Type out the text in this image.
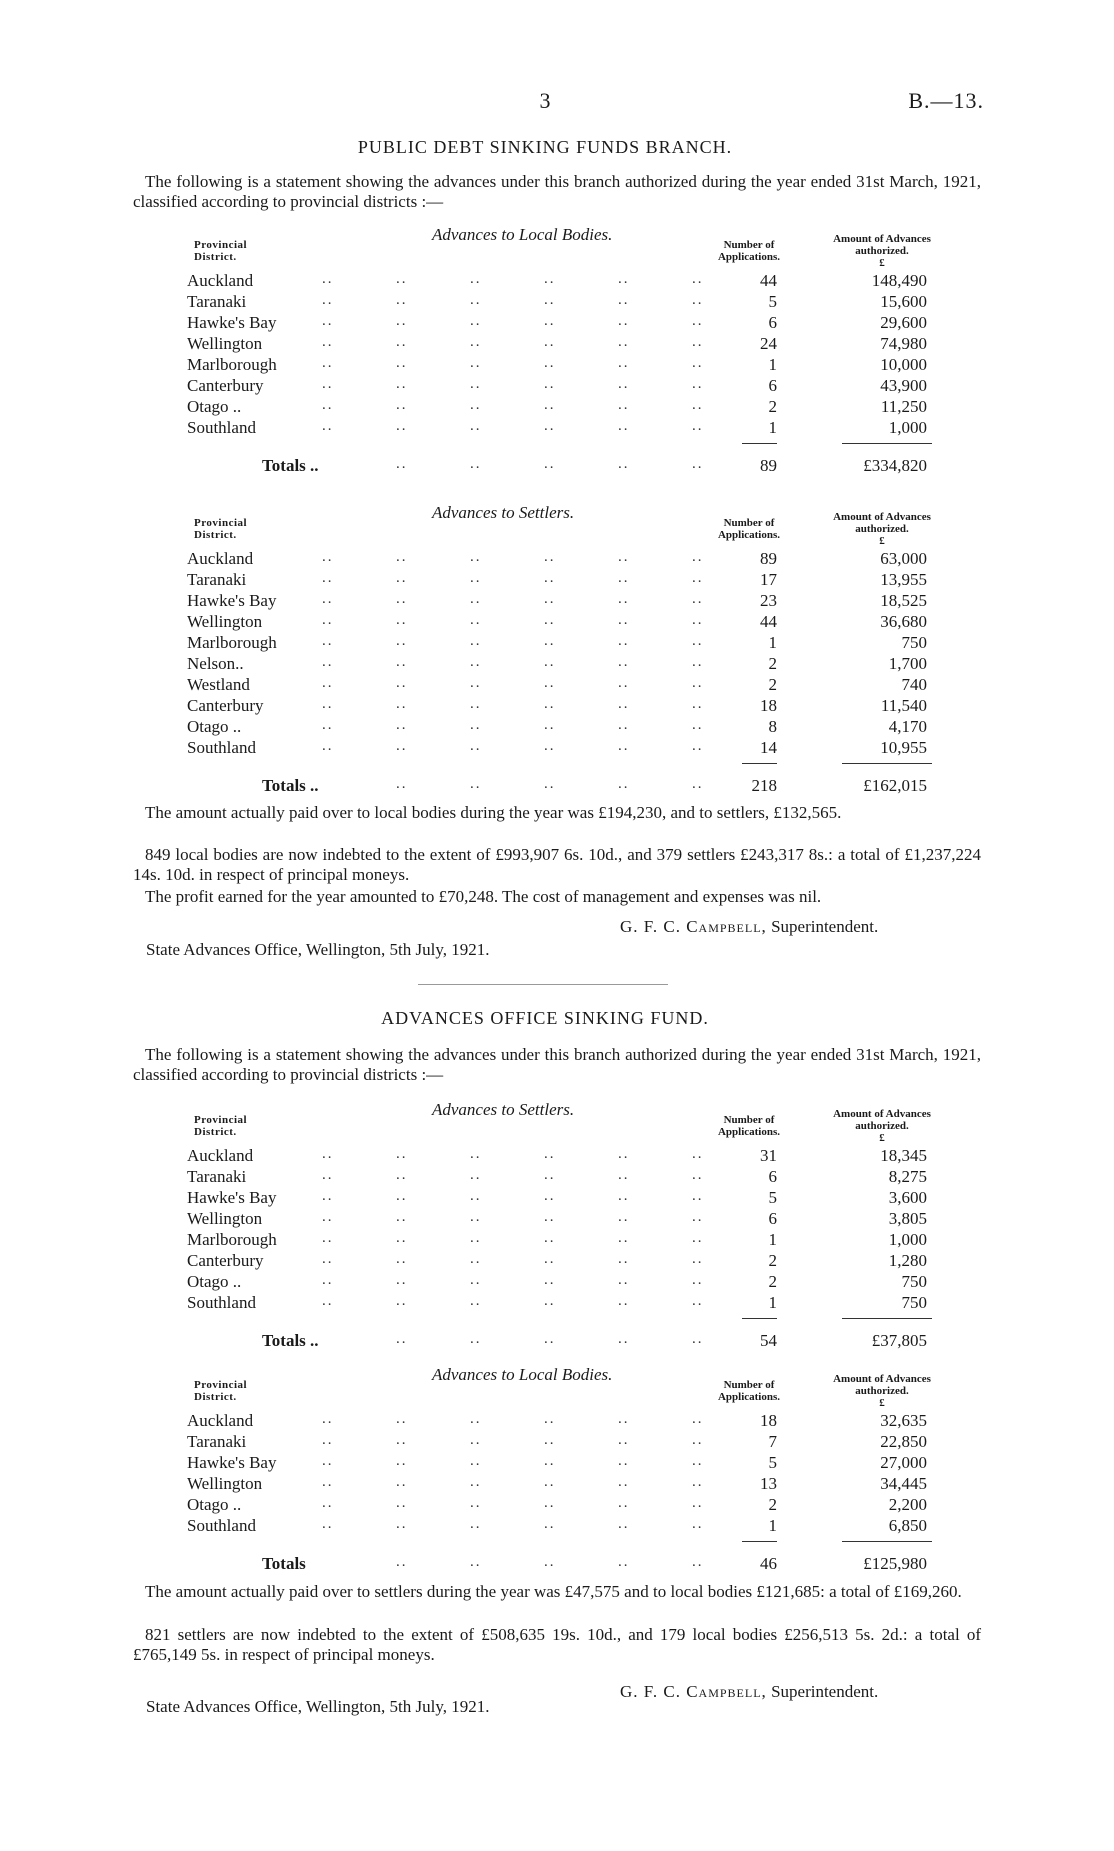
3	B.—13.
PUBLIC DEBT SINKING FUNDS BRANCH.
The following is a statement showing the advances under this branch authorized during the year ended 31st March, 1921, classified according to provincial districts :—
Advances to Local Bodies.
Provincial District.
Number of Applications.
Amount of Advances authorized.
£
Auckland	..	..	..	..	..	..	44	148,490
Taranaki	..	..	..	..	..	..	5	15,600
Hawke's Bay	..	..	..	..	..	..	6	29,600
Wellington	..	..	..	..	..	..	24	74,980
Marlborough	..	..	..	..	..	..	1	10,000
Canterbury	..	..	..	..	..	..	6	43,900
Otago ..	..	..	..	..	..	..	2	11,250
Southland	..	..	..	..	..	..	1	1,000
Totals ..	..	..	..	..	..	89	£334,820
Advances to Settlers.
Provincial District.
Number of Applications.
Amount of Advances authorized.
£
Auckland	..	..	..	..	..	..	89	63,000
Taranaki	..	..	..	..	..	..	17	13,955
Hawke's Bay	..	..	..	..	..	..	23	18,525
Wellington	..	..	..	..	..	..	44	36,680
Marlborough	..	..	..	..	..	..	1	750
Nelson..	..	..	..	..	..	..	2	1,700
Westland	..	..	..	..	..	..	2	740
Canterbury	..	..	..	..	..	..	18	11,540
Otago ..	..	..	..	..	..	..	8	4,170
Southland	..	..	..	..	..	..	14	10,955
Totals ..	..	..	..	..	..	218	£162,015
The amount actually paid over to local bodies during the year was £194,230, and to settlers, £132,565.
849 local bodies are now indebted to the extent of £993,907 6s. 10d., and 379 settlers £243,317 8s.: a total of £1,237,224 14s. 10d. in respect of principal moneys.
The profit earned for the year amounted to £70,248. The cost of management and expenses was nil.
G. F. C. Campbell, Superintendent.
State Advances Office, Wellington, 5th July, 1921.
ADVANCES OFFICE SINKING FUND.
The following is a statement showing the advances under this branch authorized during the year ended 31st March, 1921, classified according to provincial districts :—
Advances to Settlers.
Provincial District.
Number of Applications.
Amount of Advances authorized.
£
Auckland	..	..	..	..	..	..	31	18,345
Taranaki	..	..	..	..	..	..	6	8,275
Hawke's Bay	..	..	..	..	..	..	5	3,600
Wellington	..	..	..	..	..	..	6	3,805
Marlborough	..	..	..	..	..	..	1	1,000
Canterbury	..	..	..	..	..	..	2	1,280
Otago ..	..	..	..	..	..	..	2	750
Southland	..	..	..	..	..	..	1	750
Totals ..	..	..	..	..	..	54	£37,805
Advances to Local Bodies.
Provincial District.
Number of Applications.
Amount of Advances authorized.
£
Auckland	..	..	..	..	..	..	18	32,635
Taranaki	..	..	..	..	..	..	7	22,850
Hawke's Bay	..	..	..	..	..	..	5	27,000
Wellington	..	..	..	..	..	..	13	34,445
Otago ..	..	..	..	..	..	..	2	2,200
Southland	..	..	..	..	..	..	1	6,850
Totals	..	..	..	..	..	46	£125,980
The amount actually paid over to settlers during the year was £47,575 and to local bodies £121,685: a total of £169,260.
821 settlers are now indebted to the extent of £508,635 19s. 10d., and 179 local bodies £256,513 5s. 2d.: a total of £765,149 5s. in respect of principal moneys.
G. F. C. Campbell, Superintendent.
State Advances Office, Wellington, 5th July, 1921.
